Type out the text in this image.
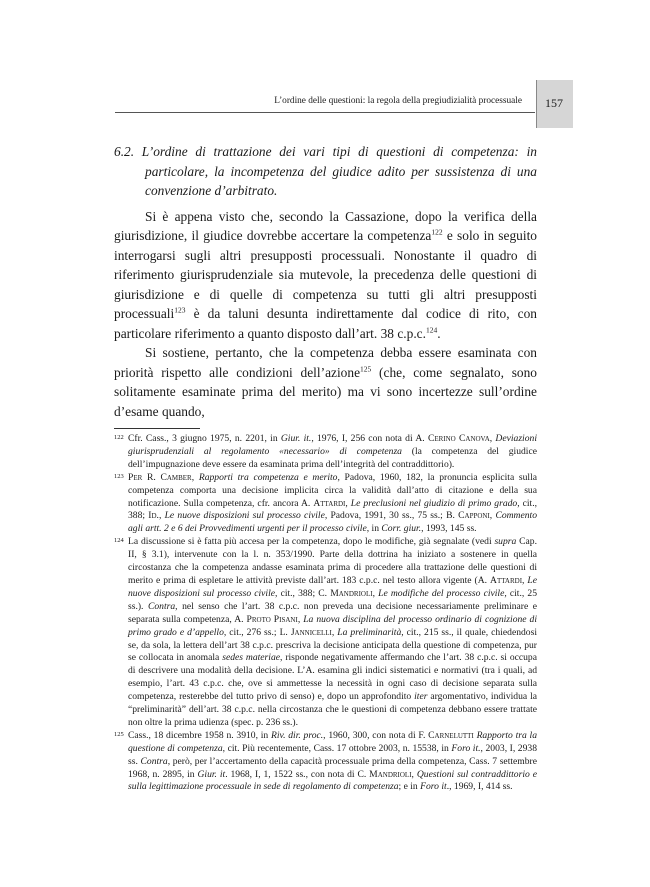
L’ordine delle questioni: la regola della pregiudizialità processuale	157

6.2. L’ordine di trattazione dei vari tipi di questioni di competenza: in particolare, la incompetenza del giudice adito per sussistenza di una convenzione d’arbitrato.

Si è appena visto che, secondo la Cassazione, dopo la verifica della giurisdizione, il giudice dovrebbe accertare la competenza$^{122}$ e solo in seguito interrogarsi sugli altri presupposti processuali. Nonostante il quadro di riferimento giurisprudenziale sia mutevole, la precedenza delle questioni di giurisdizione e di quelle di competenza su tutti gli altri presupposti processuali$^{123}$ è da taluni desunta indirettamente dal codice di rito, con particolare riferimento a quanto disposto dall’art. 38 c.p.c.$^{124}$.

Si sostiene, pertanto, che la competenza debba essere esaminata con priorità rispetto alle condizioni dell’azione$^{125}$ (che, come segnalato, sono solitamente esaminate prima del merito) ma vi sono incertezze sull’ordine d’esame quando,

122 Cfr. Cass., 3 giugno 1975, n. 2201, in Giur. it., 1976, I, 256 con nota di A. Cerino Canova, Deviazioni giurisprudenziali al regolamento «necessario» di competenza (la competenza del giudice dell’impugnazione deve essere da esaminata prima dell’integrità del contraddittorio).

123 Per R. Camber, Rapporti tra competenza e merito, Padova, 1960, 182, la pronuncia esplicita sulla competenza comporta una decisione implicita circa la validità dall’atto di citazione e della sua notificazione. Sulla competenza, cfr. ancora A. Attardi, Le preclusioni nel giudizio di primo grado, cit., 388; Id., Le nuove disposizioni sul processo civile, Padova, 1991, 30 ss., 75 ss.; B. Capponi, Commento agli artt. 2 e 6 dei Provvedimenti urgenti per il processo civile, in Corr. giur., 1993, 145 ss.

124 La discussione si è fatta più accesa per la competenza, dopo le modifiche, già segnalate (vedi supra Cap. II, § 3.1), intervenute con la l. n. 353/1990. Parte della dottrina ha iniziato a sostenere in quella circostanza che la competenza andasse esaminata prima di procedere alla trattazione delle questioni di merito e prima di espletare le attività previste dall’art. 183 c.p.c. nel testo allora vigente (A. Attardi, Le nuove disposizioni sul processo civile, cit., 388; C. Mandrioli, Le modifiche del processo civile, cit., 25 ss.). Contra, nel senso che l’art. 38 c.p.c. non preveda una decisione necessariamente preliminare e separata sulla competenza, A. Proto Pisani, La nuova disciplina del processo ordinario di cognizione di primo grado e d’appello, cit., 276 ss.; L. Jannicelli, La preliminarità, cit., 215 ss., il quale, chiedendosi se, da sola, la lettera dell’art 38 c.p.c. prescriva la decisione anticipata della questione di competenza, pur se collocata in anomala sedes materiae, risponde negativamente affermando che l’art. 38 c.p.c. si occupa di descrivere una modalità della decisione. L’A. esamina gli indici sistematici e normativi (tra i quali, ad esempio, l’art. 43 c.p.c. che, ove si ammettesse la necessità in ogni caso di decisione separata sulla competenza, resterebbe del tutto privo di senso) e, dopo un approfondito iter argomentativo, individua la “preliminarità” dell’art. 38 c.p.c. nella circostanza che le questioni di competenza debbano essere trattate non oltre la prima udienza (spec. p. 236 ss.).

125 Cass., 18 dicembre 1958 n. 3910, in Riv. dir. proc., 1960, 300, con nota di F. Carnelutti Rapporto tra la questione di competenza, cit. Più recentemente, Cass. 17 ottobre 2003, n. 15538, in Foro it., 2003, I, 2938 ss. Contra, però, per l’accertamento della capacità processuale prima della competenza, Cass. 7 settembre 1968, n. 2895, in Giur. it. 1968, I, 1, 1522 ss., con nota di C. Mandrioli, Questioni sul contraddittorio e sulla legittimazione processuale in sede di regolamento di competenza; e in Foro it., 1969, I, 414 ss.
